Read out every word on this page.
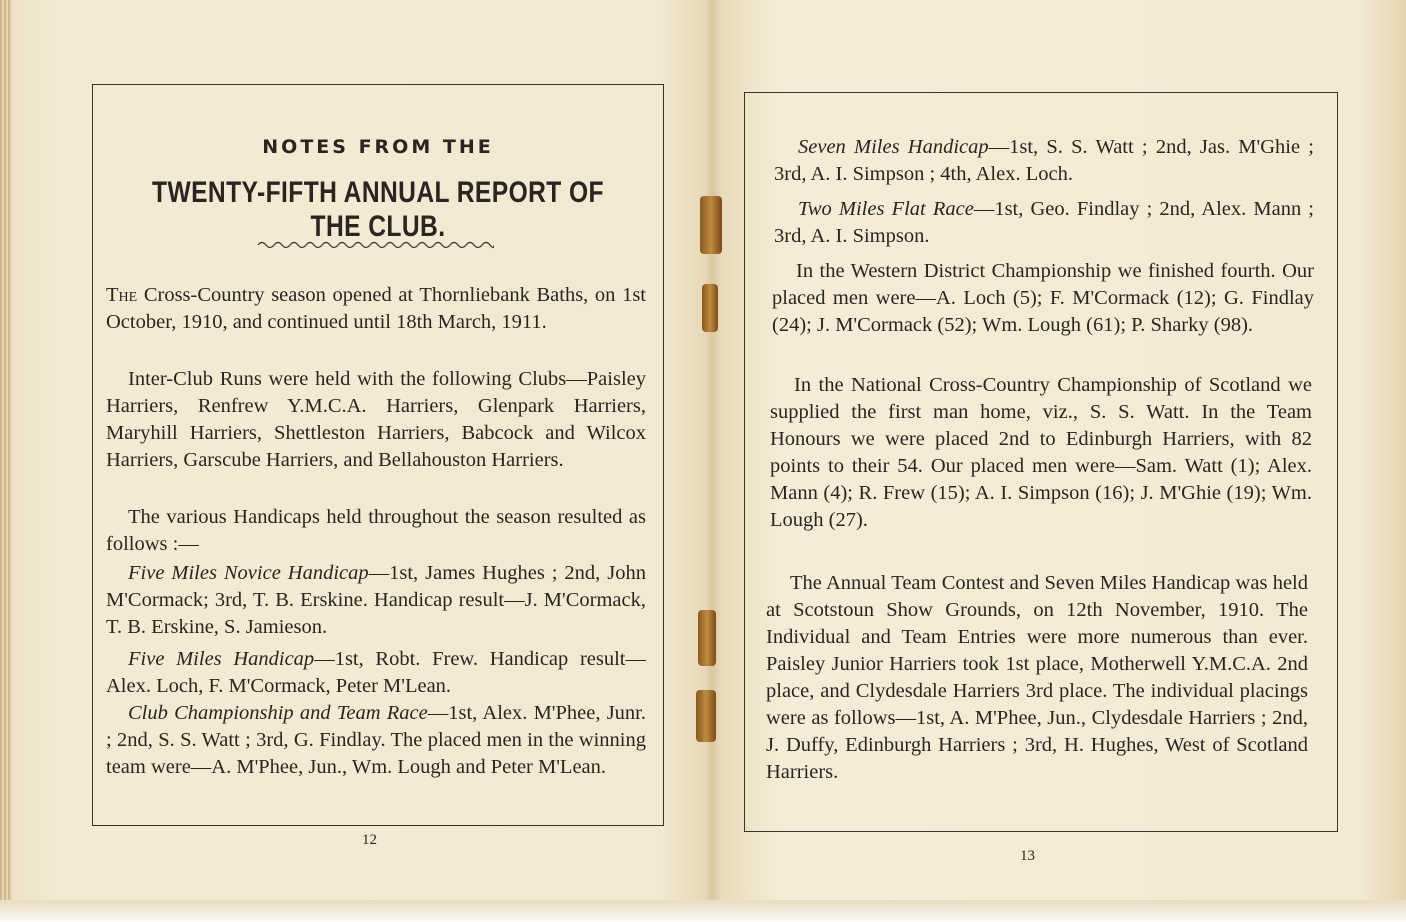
NOTES FROM THE
TWENTY-FIFTH ANNUAL REPORT OF THE CLUB.

The Cross-Country season opened at Thornliebank Baths, on 1st October, 1910, and continued until 18th March, 1911.

Inter-Club Runs were held with the following Clubs—Paisley Harriers, Renfrew Y.M.C.A. Harriers, Glenpark Harriers, Maryhill Harriers, Shettleston Harriers, Babcock and Wilcox Harriers, Garscube Harriers, and Bellahouston Harriers.

The various Handicaps held throughout the season resulted as follows :—

Five Miles Novice Handicap—1st, James Hughes ; 2nd, John M'Cormack; 3rd, T. B. Erskine. Handicap result—J. M'Cormack, T. B. Erskine, S. Jamieson.

Five Miles Handicap—1st, Robt. Frew. Handicap result—Alex. Loch, F. M'Cormack, Peter M'Lean.

Club Championship and Team Race—1st, Alex. M'Phee, Junr. ; 2nd, S. S. Watt ; 3rd, G. Findlay. The placed men in the winning team were—A. M'Phee, Jun., Wm. Lough and Peter M'Lean.

12

Seven Miles Handicap—1st, S. S. Watt ; 2nd, Jas. M'Ghie ; 3rd, A. I. Simpson ; 4th, Alex. Loch.

Two Miles Flat Race—1st, Geo. Findlay ; 2nd, Alex. Mann ; 3rd, A. I. Simpson.

In the Western District Championship we finished fourth. Our placed men were—A. Loch (5); F. M'Cormack (12); G. Findlay (24); J. M'Cormack (52); Wm. Lough (61); P. Sharky (98).

In the National Cross-Country Championship of Scotland we supplied the first man home, viz., S. S. Watt. In the Team Honours we were placed 2nd to Edinburgh Harriers, with 82 points to their 54. Our placed men were—Sam. Watt (1); Alex. Mann (4); R. Frew (15); A. I. Simpson (16); J. M'Ghie (19); Wm. Lough (27).

The Annual Team Contest and Seven Miles Handicap was held at Scotstoun Show Grounds, on 12th November, 1910. The Individual and Team Entries were more numerous than ever. Paisley Junior Harriers took 1st place, Motherwell Y.M.C.A. 2nd place, and Clydesdale Harriers 3rd place. The individual placings were as follows—1st, A. M'Phee, Jun., Clydesdale Harriers ; 2nd, J. Duffy, Edinburgh Harriers ; 3rd, H. Hughes, West of Scotland Harriers.

13
